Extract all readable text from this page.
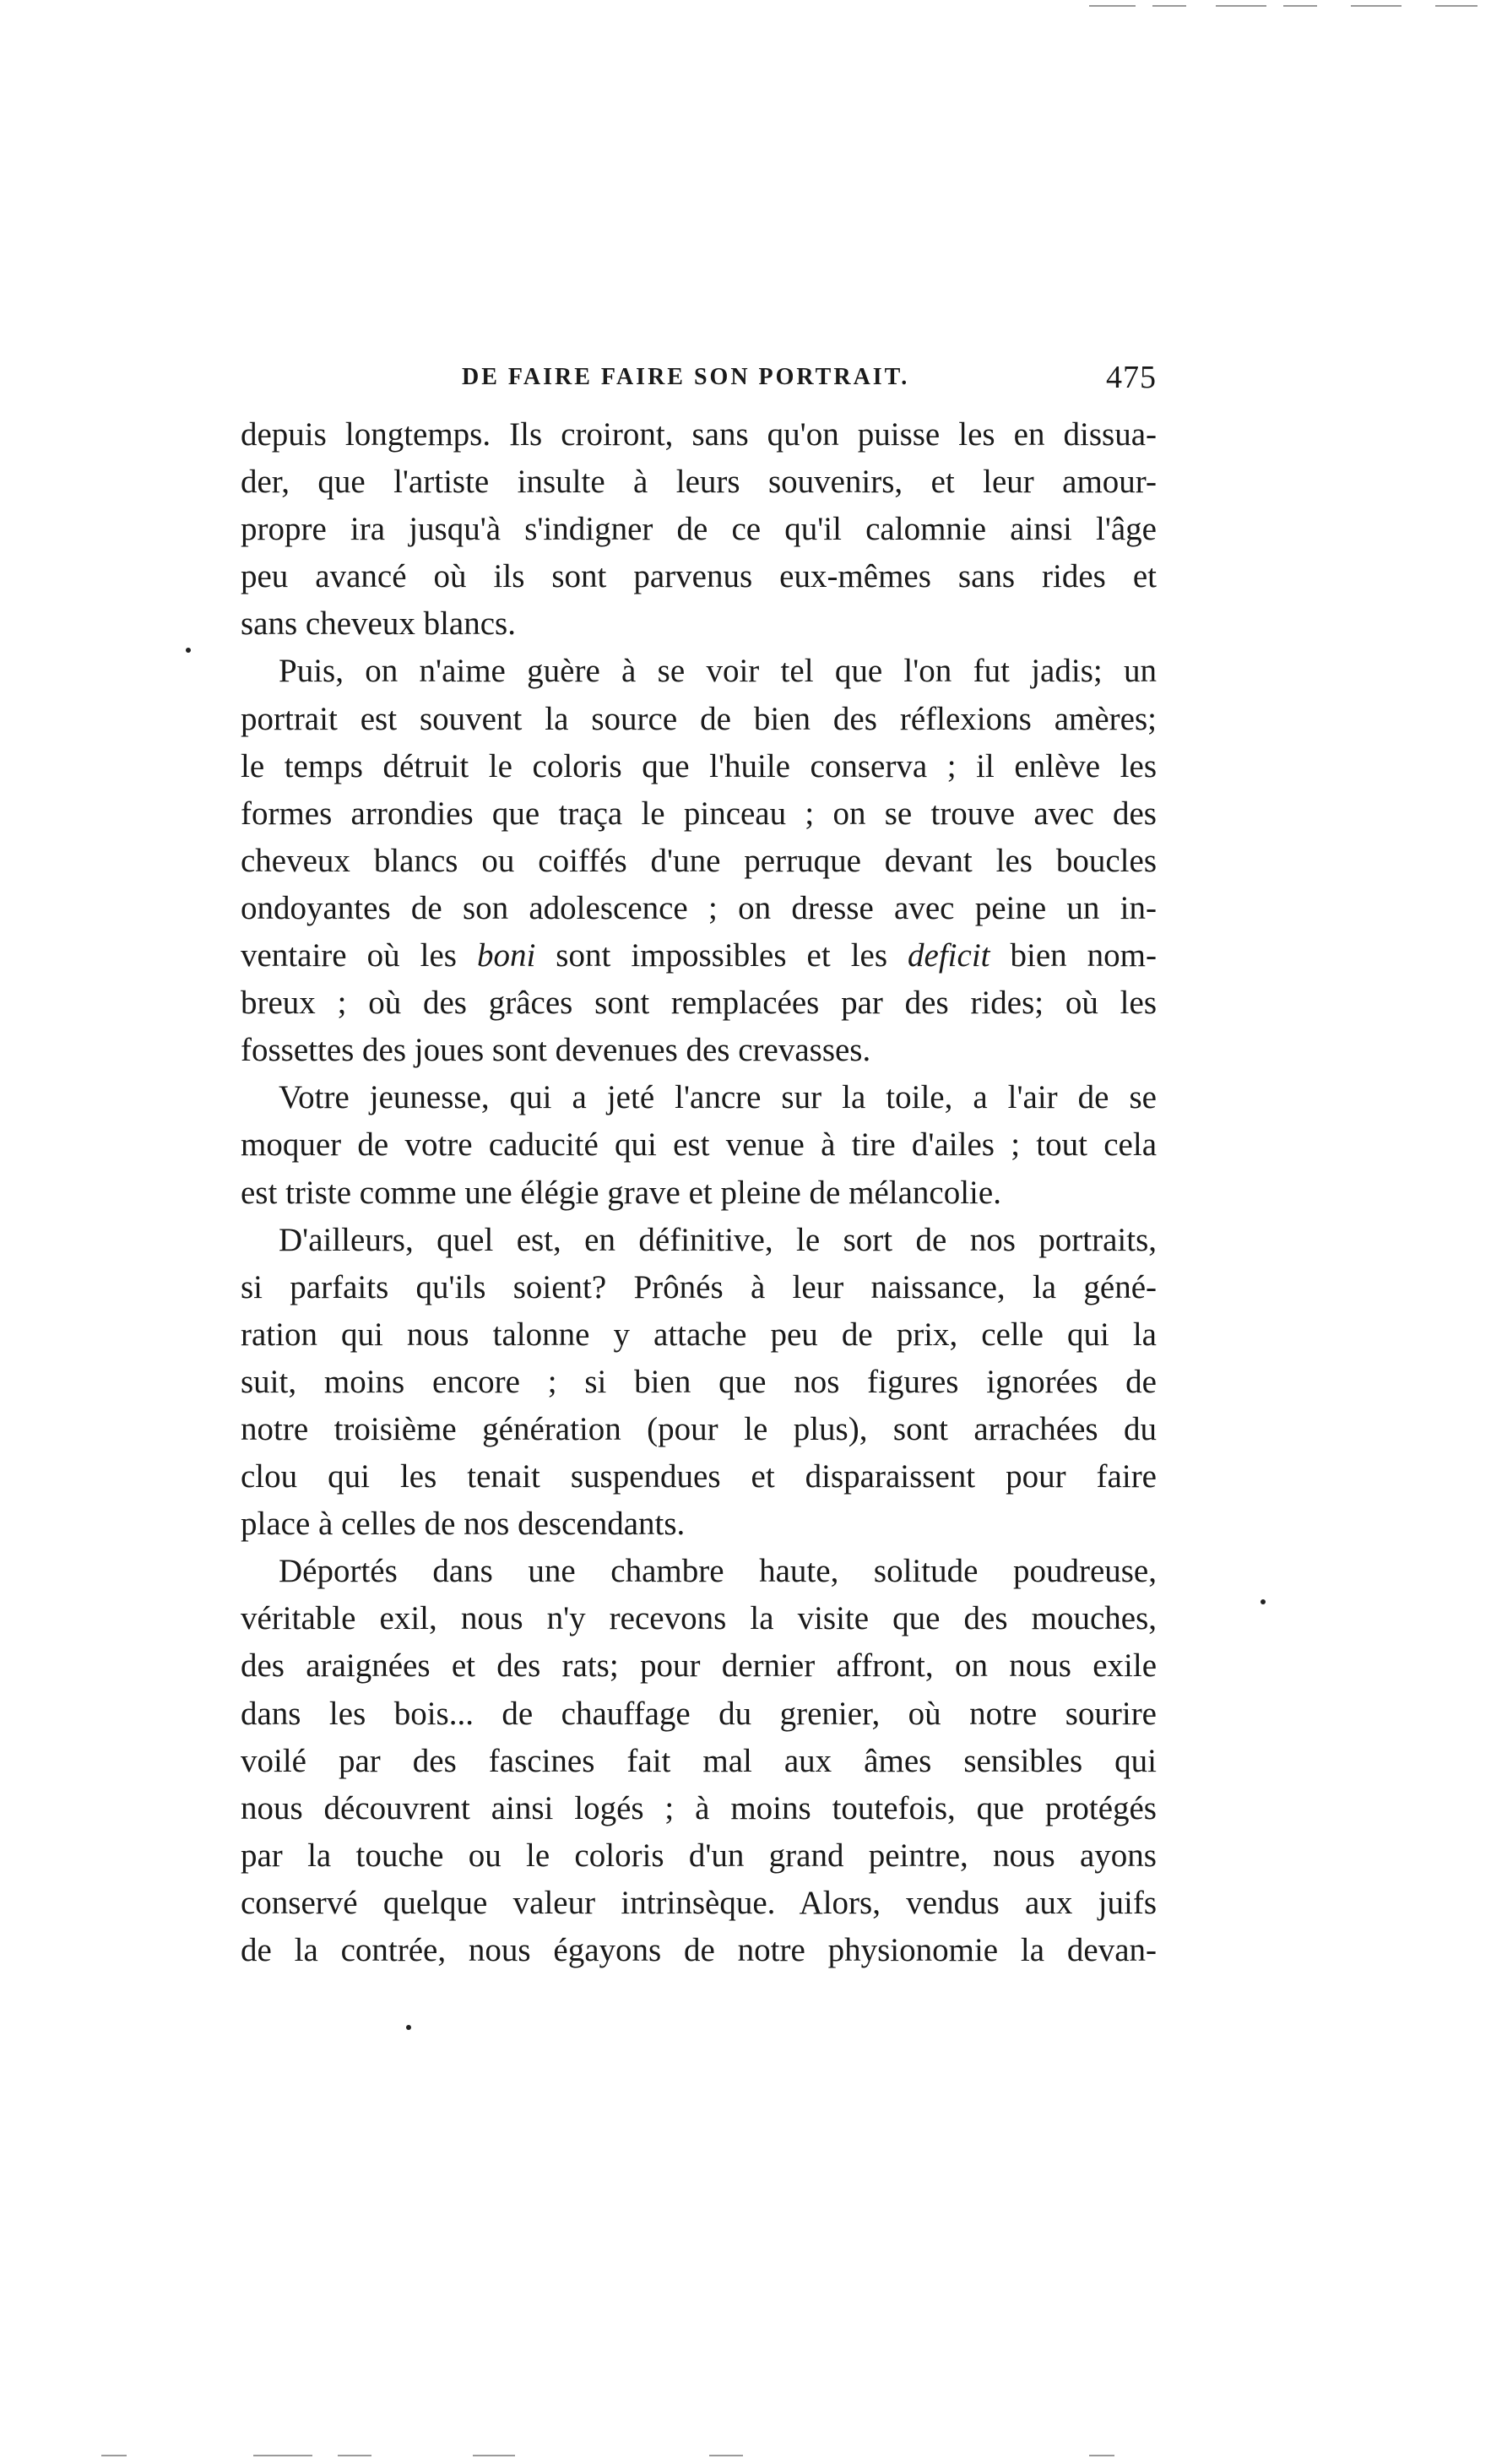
DE FAIRE FAIRE SON PORTRAIT.	475
depuis longtemps. Ils croiront, sans qu'on puisse les en dissua-
der, que l'artiste insulte à leurs souvenirs, et leur amour-
propre ira jusqu'à s'indigner de ce qu'il calomnie ainsi l'âge
peu avancé où ils sont parvenus eux-mêmes sans rides et
sans cheveux blancs.
Puis, on n'aime guère à se voir tel que l'on fut jadis; un
portrait est souvent la source de bien des réflexions amères;
le temps détruit le coloris que l'huile conserva ; il enlève les
formes arrondies que traça le pinceau ; on se trouve avec des
cheveux blancs ou coiffés d'une perruque devant les boucles
ondoyantes de son adolescence ; on dresse avec peine un in-
ventaire où les boni sont impossibles et les deficit bien nom-
breux ; où des grâces sont remplacées par des rides; où les
fossettes des joues sont devenues des crevasses.
Votre jeunesse, qui a jeté l'ancre sur la toile, a l'air de se
moquer de votre caducité qui est venue à tire d'ailes ; tout cela
est triste comme une élégie grave et pleine de mélancolie.
D'ailleurs, quel est, en définitive, le sort de nos portraits,
si parfaits qu'ils soient? Prônés à leur naissance, la géné-
ration qui nous talonne y attache peu de prix, celle qui la
suit, moins encore ; si bien que nos figures ignorées de
notre troisième génération (pour le plus), sont arrachées du
clou qui les tenait suspendues et disparaissent pour faire
place à celles de nos descendants.
Déportés dans une chambre haute, solitude poudreuse,
véritable exil, nous n'y recevons la visite que des mouches,
des araignées et des rats; pour dernier affront, on nous exile
dans les bois... de chauffage du grenier, où notre sourire
voilé par des fascines fait mal aux âmes sensibles qui
nous découvrent ainsi logés ; à moins toutefois, que protégés
par la touche ou le coloris d'un grand peintre, nous ayons
conservé quelque valeur intrinsèque. Alors, vendus aux juifs
de la contrée, nous égayons de notre physionomie la devan-
